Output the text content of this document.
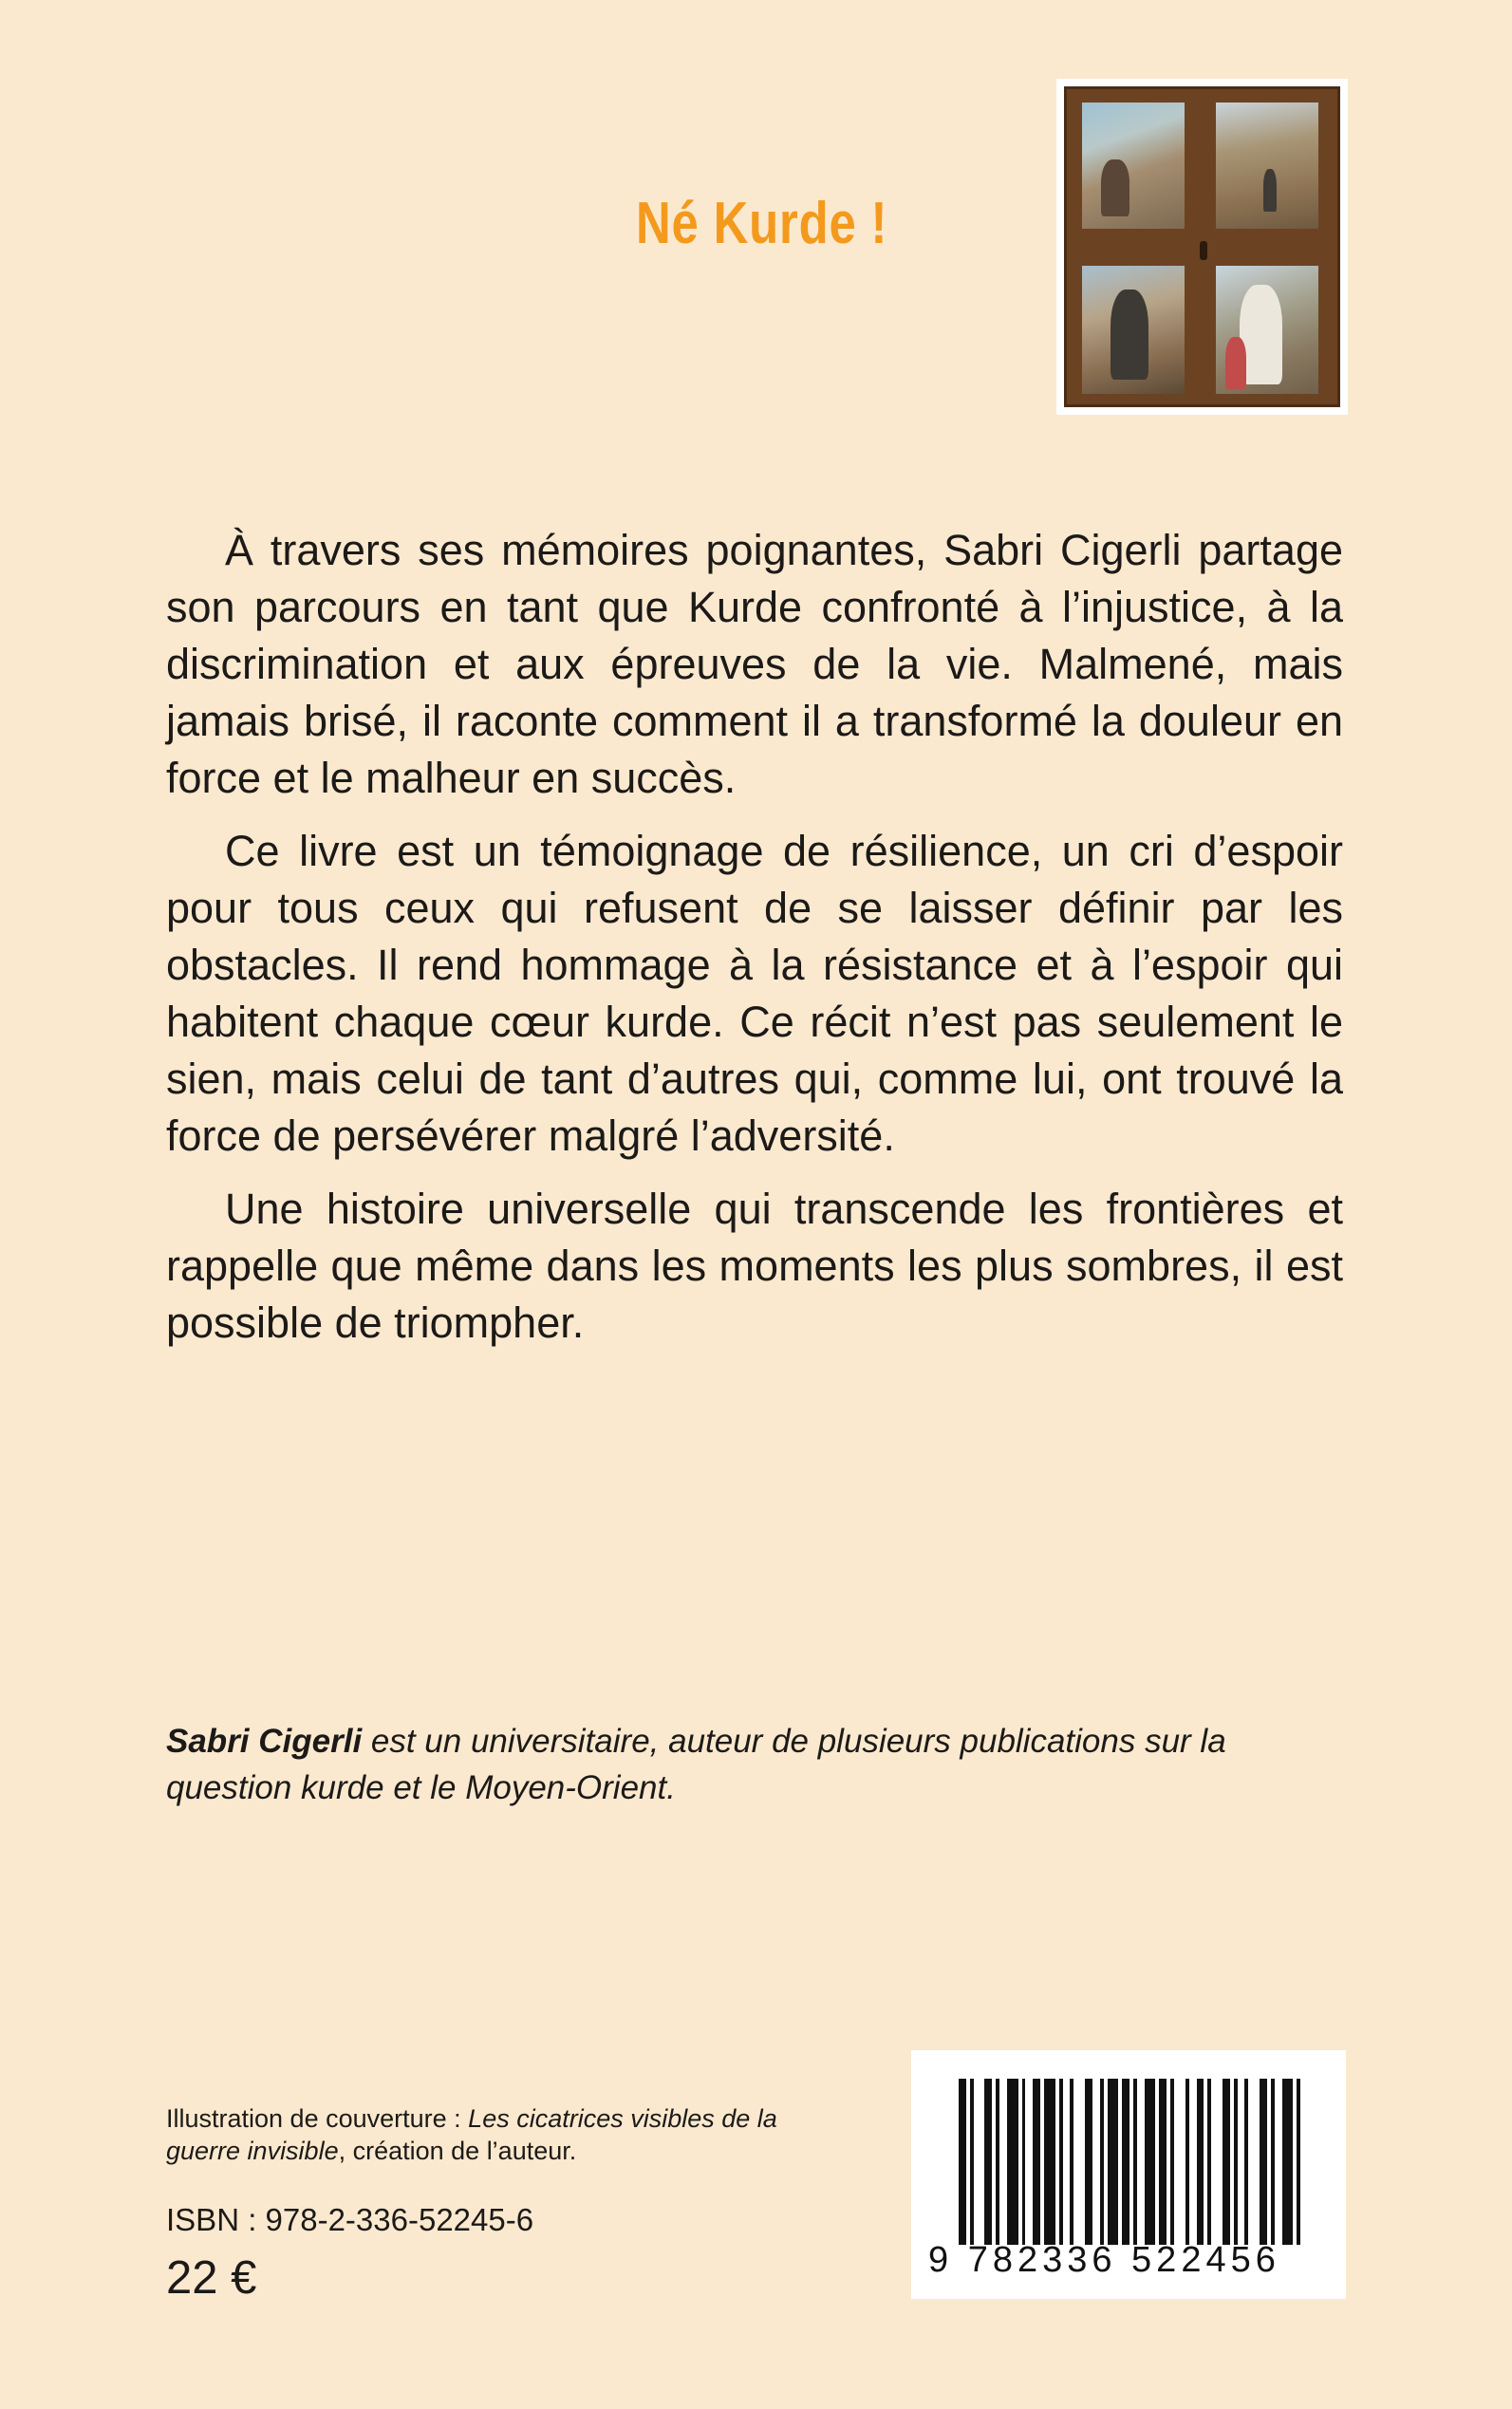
Né Kurde !

À travers ses mémoires poignantes, Sabri Cigerli partage son parcours en tant que Kurde confronté à l’injustice, à la discrimination et aux épreuves de la vie. Malmené, mais jamais brisé, il raconte comment il a transformé la douleur en force et le malheur en succès.

Ce livre est un témoignage de résilience, un cri d’espoir pour tous ceux qui refusent de se laisser définir par les obstacles. Il rend hommage à la résistance et à l’espoir qui habitent chaque cœur kurde. Ce récit n’est pas seulement le sien, mais celui de tant d’autres qui, comme lui, ont trouvé la force de persévérer malgré l’adversité.

Une histoire universelle qui transcende les frontières et rappelle que même dans les moments les plus sombres, il est possible de triompher.

Sabri Cigerli est un universitaire, auteur de plusieurs publications sur la question kurde et le Moyen-Orient.
Illustration de couverture : Les cicatrices visibles de la guerre invisible, création de l’auteur.
ISBN : 978-2-336-52245-6
22 €	9 782336 522456
